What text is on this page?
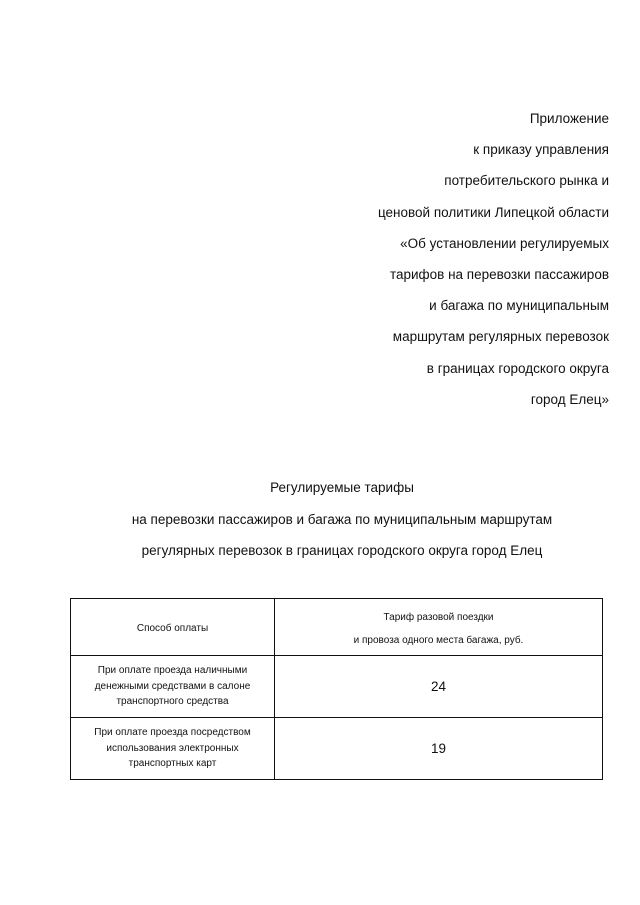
Приложение
к приказу управления
потребительского рынка и
ценовой политики Липецкой области
«Об установлении регулируемых
тарифов на перевозки пассажиров
и багажа по муниципальным
маршрутам регулярных перевозок
в границах городского округа
город Елец»
Регулируемые тарифы
на перевозки пассажиров и багажа по муниципальным маршрутам
регулярных перевозок в границах городского округа город Елец
Способ оплаты	Тариф разовой поездки
и провоза одного места багажа, руб.

При оплате проезда наличными денежными средствами в салоне транспортного средства	24

При оплате проезда посредством использования электронных транспортных карт	19
